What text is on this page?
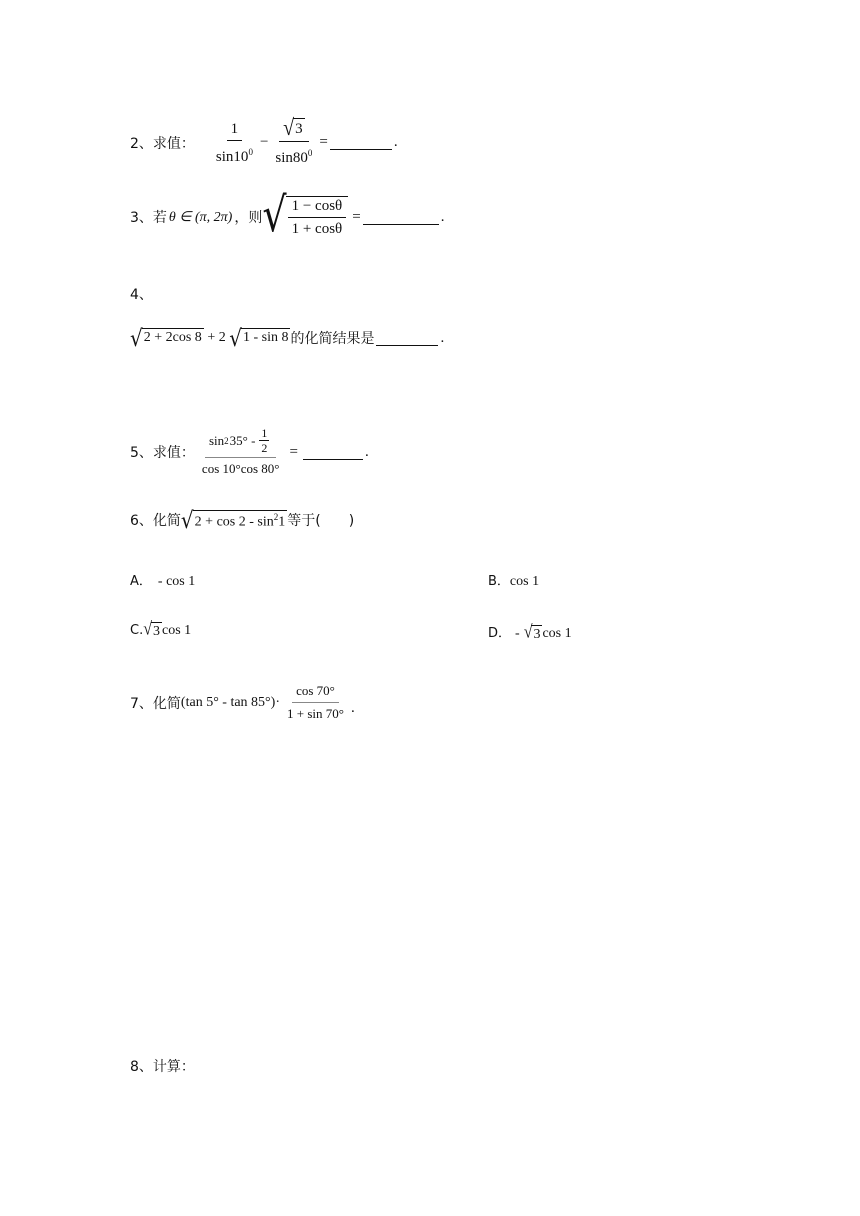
2、求值： $\frac{1}{\sin 10^0} - \frac{√ 3}{\sin 80^0}$ =	.
3、若 θ ∈ (π, 2π) ，则 √ $\frac{1 - \cos\theta}{1 + \cos\theta}$ =	.
4、
√ 2 + 2cos 8 + 2 √ 1 - sin 8 的化简结果是	.
5、求值： $\frac{\sin 2 35^\circ - \frac{1}{2}}{\cos 10^\circ\cos 80^\circ}$ =	.
6、化简 √ $2 + \cos 2 - \sin^21$ 等于(　　)
A． - cos 1	B．cos 1
C. √ 3 cos 1	D． - √ 3 cos 1
7、化简 (tan $5^\circ - \tan 85^\circ)\cdot \frac{\cos 70^\circ}{1 + \sin 70^\circ}$ .
8、计算：
